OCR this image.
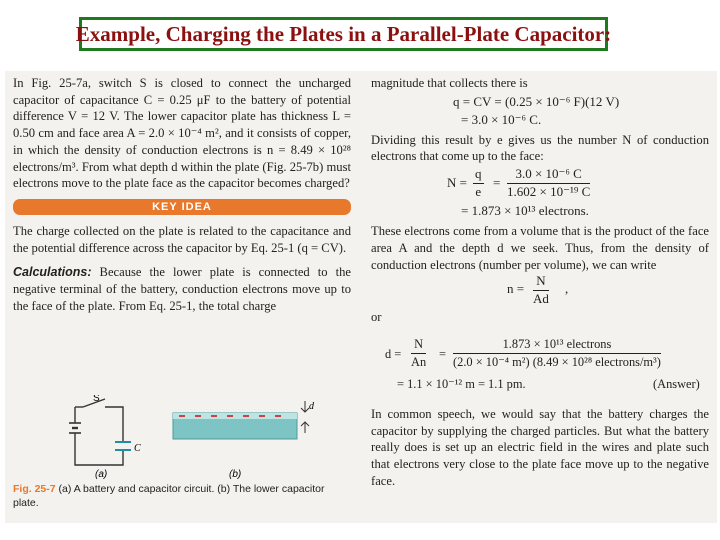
Example, Charging the Plates in a Parallel-Plate Capacitor:

In Fig. 25-7a, switch S is closed to connect the uncharged capacitor of capacitance C = 0.25 μF to the battery of potential difference V = 12 V. The lower capacitor plate has thickness L = 0.50 cm and face area A = 2.0 × 10⁻⁴ m², and it consists of copper, in which the density of conduction electrons is n = 8.49 × 10²⁸ electrons/m³. From what depth d within the plate (Fig. 25-7b) must electrons move to the plate face as the capacitor becomes charged?

KEY IDEA

The charge collected on the plate is related to the capacitance and the potential difference across the capacitor by Eq. 25-1 (q = CV).

Calculations: Because the lower plate is connected to the negative terminal of the battery, conduction electrons move up to the face of the plate. From Eq. 25-1, the total charge

S
C
d
(a)	(b)
Fig. 25-7 (a) A battery and capacitor circuit. (b) The lower capacitor plate.

magnitude that collects there is

q = CV = (0.25 × 10⁻⁶ F)(12 V)
= 3.0 × 10⁻⁶ C.

Dividing this result by e gives us the number N of conduction electrons that come up to the face:

$N = \frac{q}{e} = \frac{\text{3.0 × 10⁻⁶ C}}{\text{1.602 × 10⁻¹⁹ C}}$
= 1.873 × 10¹³ electrons.

These electrons come from a volume that is the product of the face area A and the depth d we seek. Thus, from the density of conduction electrons (number per volume), we can write

$n = \frac{N}{Ad}$ ,

or

$d = \frac{N}{An}$ =
1.873 × 10¹³ electrons
(2.0 × 10⁻⁴ m²) (8.49 × 10²⁸ electrons/m³)
= 1.1 × 10⁻¹² m = 1.1 pm.	(Answer)

In common speech, we would say that the battery charges the capacitor by supplying the charged particles. But what the battery really does is set up an electric field in the wires and plate such that electrons very close to the plate face move up to the negative face.
